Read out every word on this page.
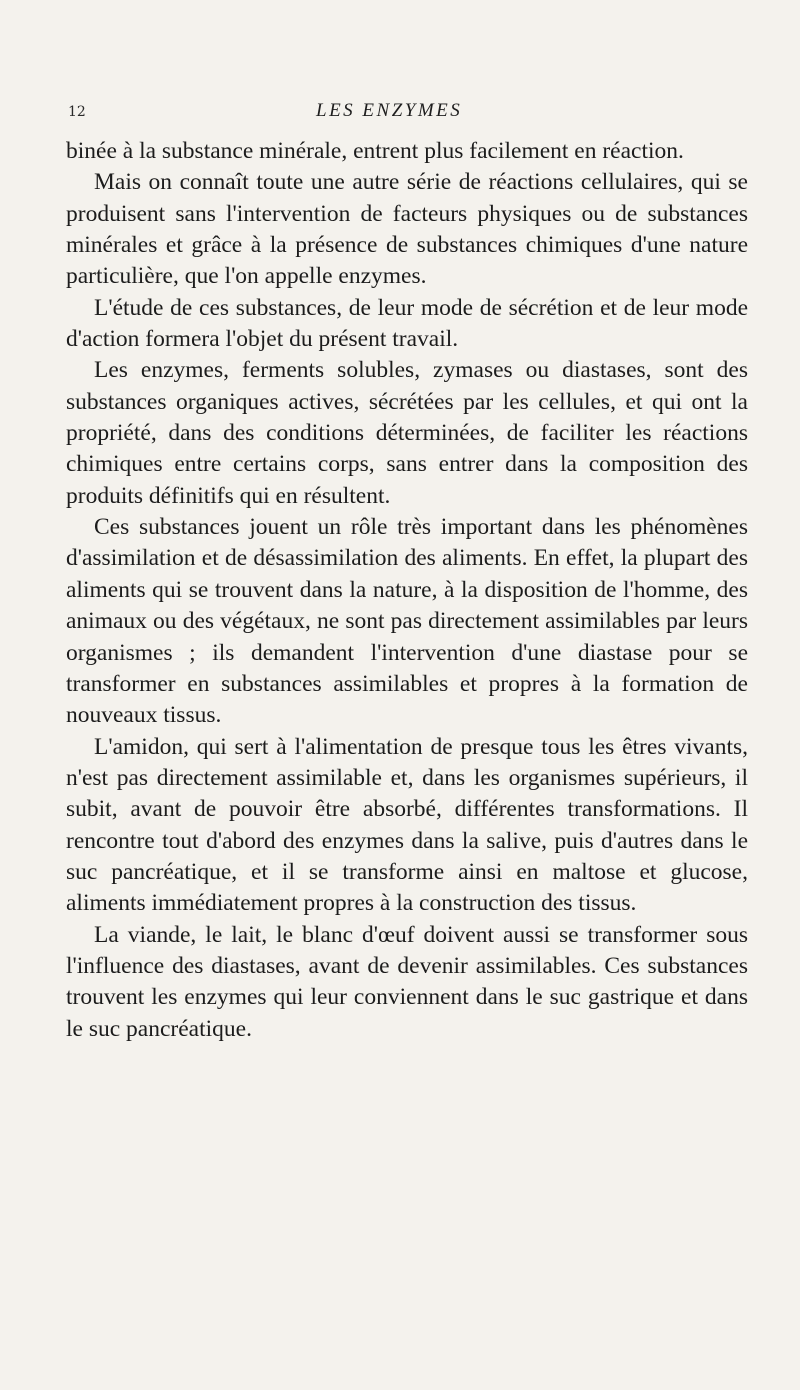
12	LES ENZYMES

binée à la substance minérale, entrent plus facilement en réaction.

Mais on connaît toute une autre série de réactions cellulaires, qui se produisent sans l'intervention de facteurs physiques ou de substances minérales et grâce à la présence de substances chimiques d'une nature particulière, que l'on appelle enzymes.

L'étude de ces substances, de leur mode de sécrétion et de leur mode d'action formera l'objet du présent travail.

Les enzymes, ferments solubles, zymases ou diastases, sont des substances organiques actives, sécrétées par les cellules, et qui ont la propriété, dans des conditions déterminées, de faciliter les réactions chimiques entre certains corps, sans entrer dans la composition des produits définitifs qui en résultent.

Ces substances jouent un rôle très important dans les phénomènes d'assimilation et de désassimilation des aliments. En effet, la plupart des aliments qui se trouvent dans la nature, à la disposition de l'homme, des animaux ou des végétaux, ne sont pas directement assimilables par leurs organismes ; ils demandent l'intervention d'une diastase pour se transformer en substances assimilables et propres à la formation de nouveaux tissus.

L'amidon, qui sert à l'alimentation de presque tous les êtres vivants, n'est pas directement assimilable et, dans les organismes supérieurs, il subit, avant de pouvoir être absorbé, différentes transformations. Il rencontre tout d'abord des enzymes dans la salive, puis d'autres dans le suc pancréatique, et il se transforme ainsi en maltose et glucose, aliments immédiatement propres à la construction des tissus.

La viande, le lait, le blanc d'œuf doivent aussi se transformer sous l'influence des diastases, avant de devenir assimilables. Ces substances trouvent les enzymes qui leur conviennent dans le suc gastrique et dans le suc pancréatique.
